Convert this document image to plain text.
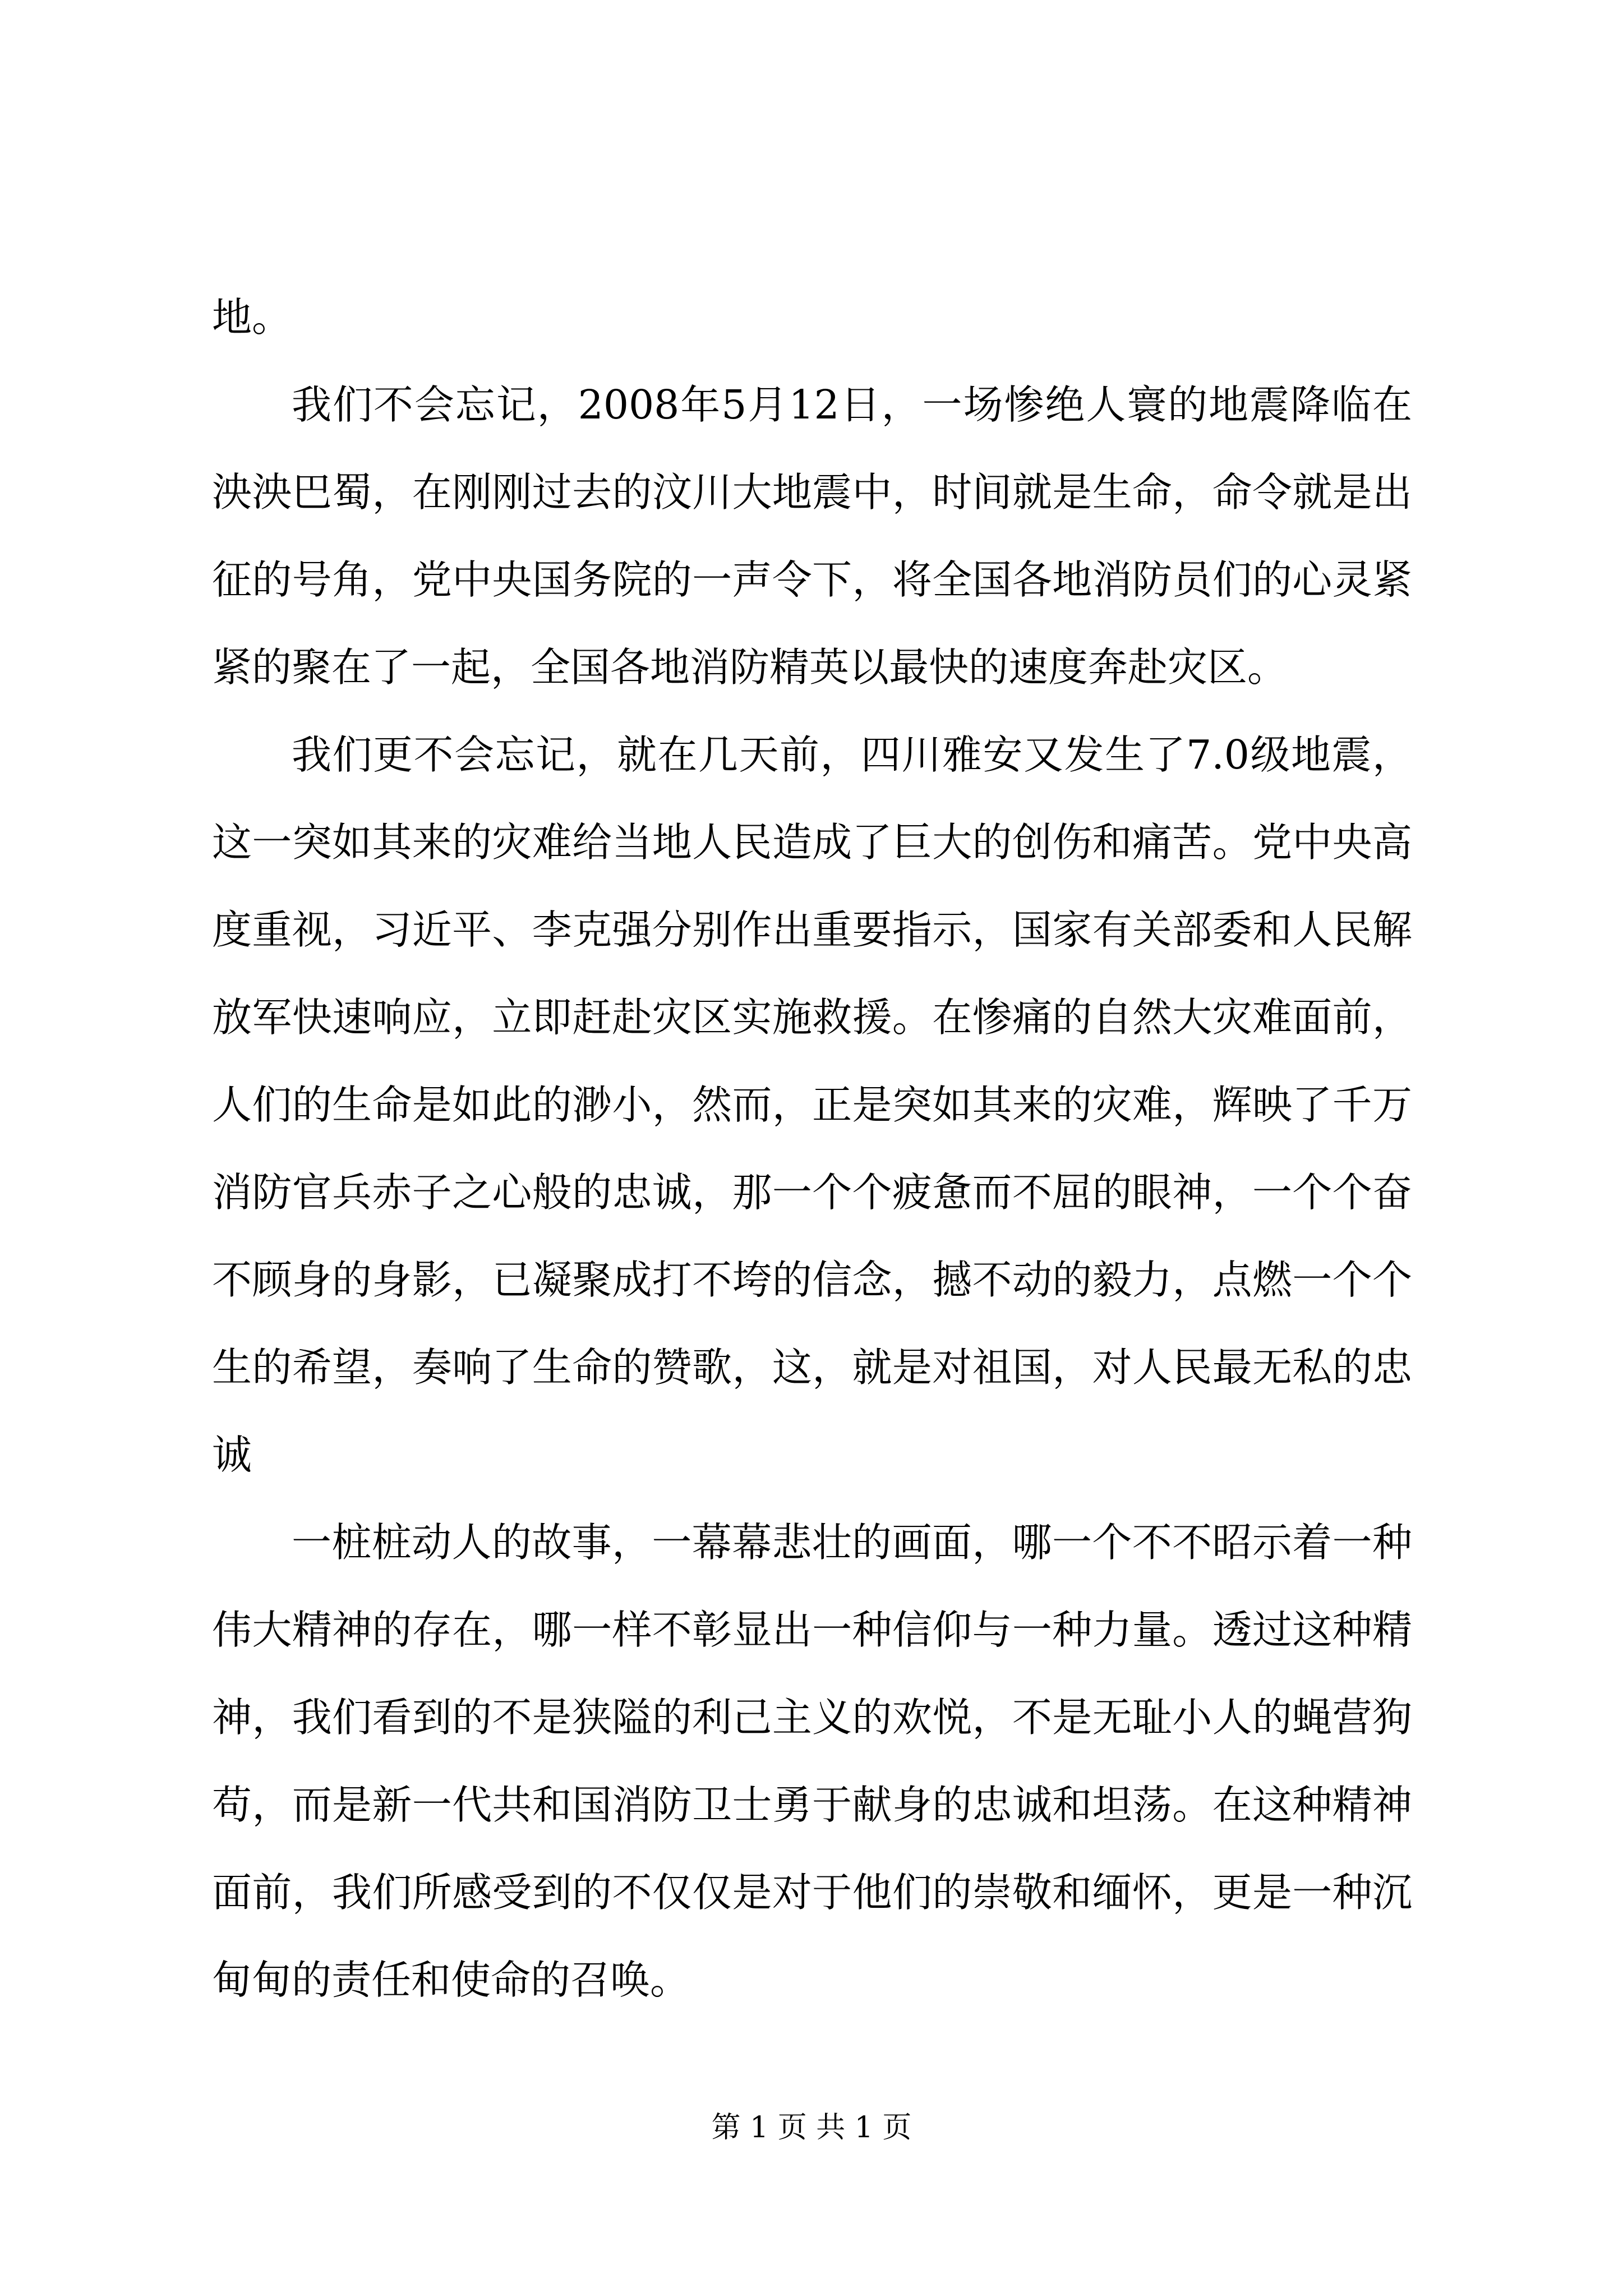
地。

我们不会忘记，2008年5月12日，一场惨绝人寰的地震降临在泱泱巴蜀，在刚刚过去的汶川大地震中，时间就是生命，命令就是出征的号角，党中央国务院的一声令下，将全国各地消防员们的心灵紧紧的聚在了一起，全国各地消防精英以最快的速度奔赴灾区。

我们更不会忘记，就在几天前，四川雅安又发生了7.0级地震，这一突如其来的灾难给当地人民造成了巨大的创伤和痛苦。党中央高度重视，习近平、李克强分别作出重要指示，国家有关部委和人民解放军快速响应，立即赶赴灾区实施救援。在惨痛的自然大灾难面前，人们的生命是如此的渺小，然而，正是突如其来的灾难，辉映了千万消防官兵赤子之心般的忠诚，那一个个疲惫而不屈的眼神，一个个奋不顾身的身影，已凝聚成打不垮的信念，撼不动的毅力，点燃一个个生的希望，奏响了生命的赞歌，这，就是对祖国，对人民最无私的忠诚

一桩桩动人的故事，一幕幕悲壮的画面，哪一个不不昭示着一种伟大精神的存在，哪一样不彰显出一种信仰与一种力量。透过这种精神，我们看到的不是狭隘的利己主义的欢悦，不是无耻小人的蝇营狗苟，而是新一代共和国消防卫士勇于献身的忠诚和坦荡。在这种精神面前，我们所感受到的不仅仅是对于他们的崇敬和缅怀，更是一种沉甸甸的责任和使命的召唤。

第 1 页 共 1 页
